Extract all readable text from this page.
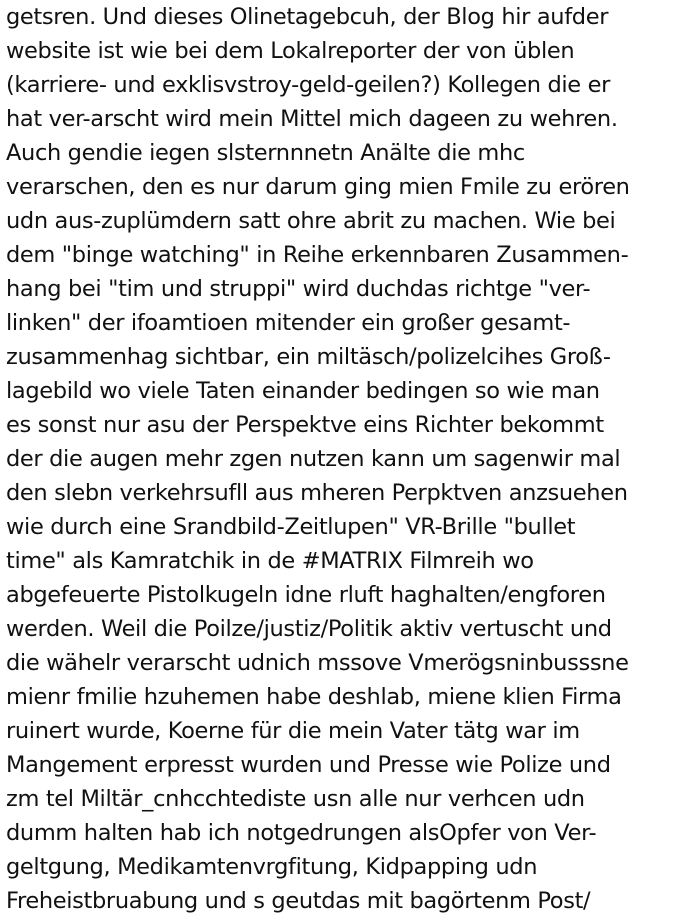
getsren. Und dieses Olinetagebcuh, der Blog hir aufder
website ist wie bei dem Lokalreporter der von üblen
(karriere- und exklisvstroy-geld-geilen?) Kollegen die er
hat ver-arscht wird mein Mittel mich dageen zu wehren.
Auch gendie iegen slsternnnetn Anälte die mhc
verarschen, den es nur darum ging mien Fmile zu erören
udn aus-zuplümdern satt ohre abrit zu machen. Wie bei
dem "binge watching" in Reihe erkennbaren Zusammen-
hang bei "tim und struppi" wird duchdas richtge "ver-
linken" der ifoamtioen mitender ein großer gesamt-
zusammenhag sichtbar, ein miltäsch/polizelcihes Groß-
lagebild wo viele Taten einander bedingen so wie man
es sonst nur asu der Perspektve eins Richter bekommt
der die augen mehr zgen nutzen kann um sagenwir mal
den slebn verkehrsufll aus mheren Perpktven anzsuehen
wie durch eine Srandbild-Zeitlupen" VR-Brille "bullet
time" als Kamratchik in de #MATRIX Filmreih wo
abgefeuerte Pistolkugeln idne rluft haghalten/engforen
werden. Weil die Poilze/justiz/Politik aktiv vertuscht und
die wähelr verarscht udnich mssove Vmerögsninbusssne
mienr fmilie hzuhemen habe deshlab, miene klien Firma
ruinert wurde, Koerne für die mein Vater tätg war im
Mangement erpresst wurden und Presse wie Polize und
zm tel Miltär_cnhcchtediste usn alle nur verhcen udn
dumm halten hab ich notgedrungen alsOpfer von Ver-
geltgung, Medikamtenvrgfitung, Kidpapping udn
Freheistbruabung und s geutdas mit bagörtenm Post/
